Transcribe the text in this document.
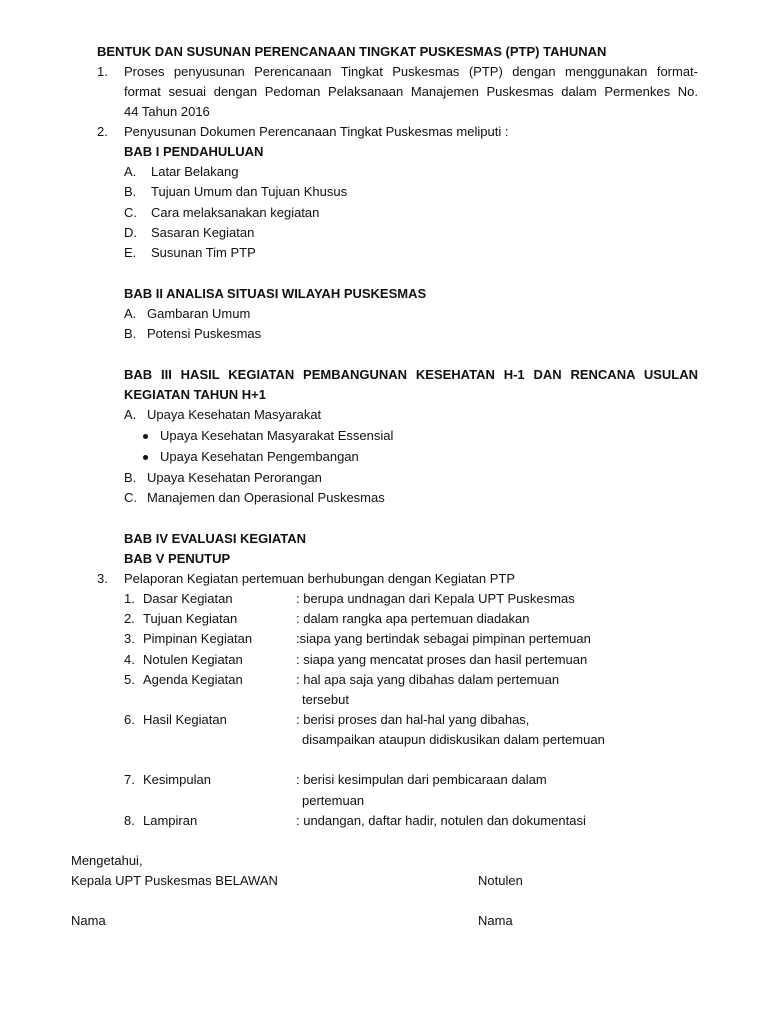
BENTUK DAN SUSUNAN PERENCANAAN TINGKAT PUSKESMAS (PTP) TAHUNAN
1. Proses penyusunan Perencanaan Tingkat Puskesmas (PTP) dengan menggunakan format-
format sesuai dengan Pedoman Pelaksanaan Manajemen Puskesmas dalam Permenkes No.
44 Tahun 2016
2. Penyusunan Dokumen Perencanaan Tingkat Puskesmas meliputi :
BAB I PENDAHULUAN
A. Latar Belakang
B. Tujuan Umum dan Tujuan Khusus
C. Cara melaksanakan kegiatan
D. Sasaran Kegiatan
E. Susunan Tim PTP
BAB II ANALISA SITUASI WILAYAH PUSKESMAS
A. Gambaran Umum
B. Potensi Puskesmas
BAB III HASIL KEGIATAN PEMBANGUNAN KESEHATAN H-1 DAN RENCANA USULAN
KEGIATAN TAHUN H+1
A. Upaya Kesehatan Masyarakat
Upaya Kesehatan Masyarakat Essensial
Upaya Kesehatan Pengembangan
B. Upaya Kesehatan Perorangan
C. Manajemen dan Operasional Puskesmas
BAB IV EVALUASI KEGIATAN
BAB V PENUTUP
3. Pelaporan Kegiatan pertemuan berhubungan dengan Kegiatan PTP
1. Dasar Kegiatan	: berupa undnagan dari Kepala UPT Puskesmas
2. Tujuan Kegiatan	: dalam rangka apa pertemuan diadakan
3. Pimpinan Kegiatan	:siapa yang bertindak sebagai pimpinan pertemuan
4. Notulen Kegiatan	: siapa yang mencatat proses dan hasil pertemuan
5. Agenda Kegiatan	: hal apa saja yang dibahas dalam pertemuan
tersebut
6. Hasil Kegiatan	: berisi proses dan hal-hal yang dibahas,
disampaikan ataupun didiskusikan dalam pertemuan
7. Kesimpulan	: berisi kesimpulan dari pembicaraan dalam
pertemuan
8. Lampiran	: undangan, daftar hadir, notulen dan dokumentasi
Mengetahui,
Kepala UPT Puskesmas BELAWAN	Notulen
Nama	Nama
